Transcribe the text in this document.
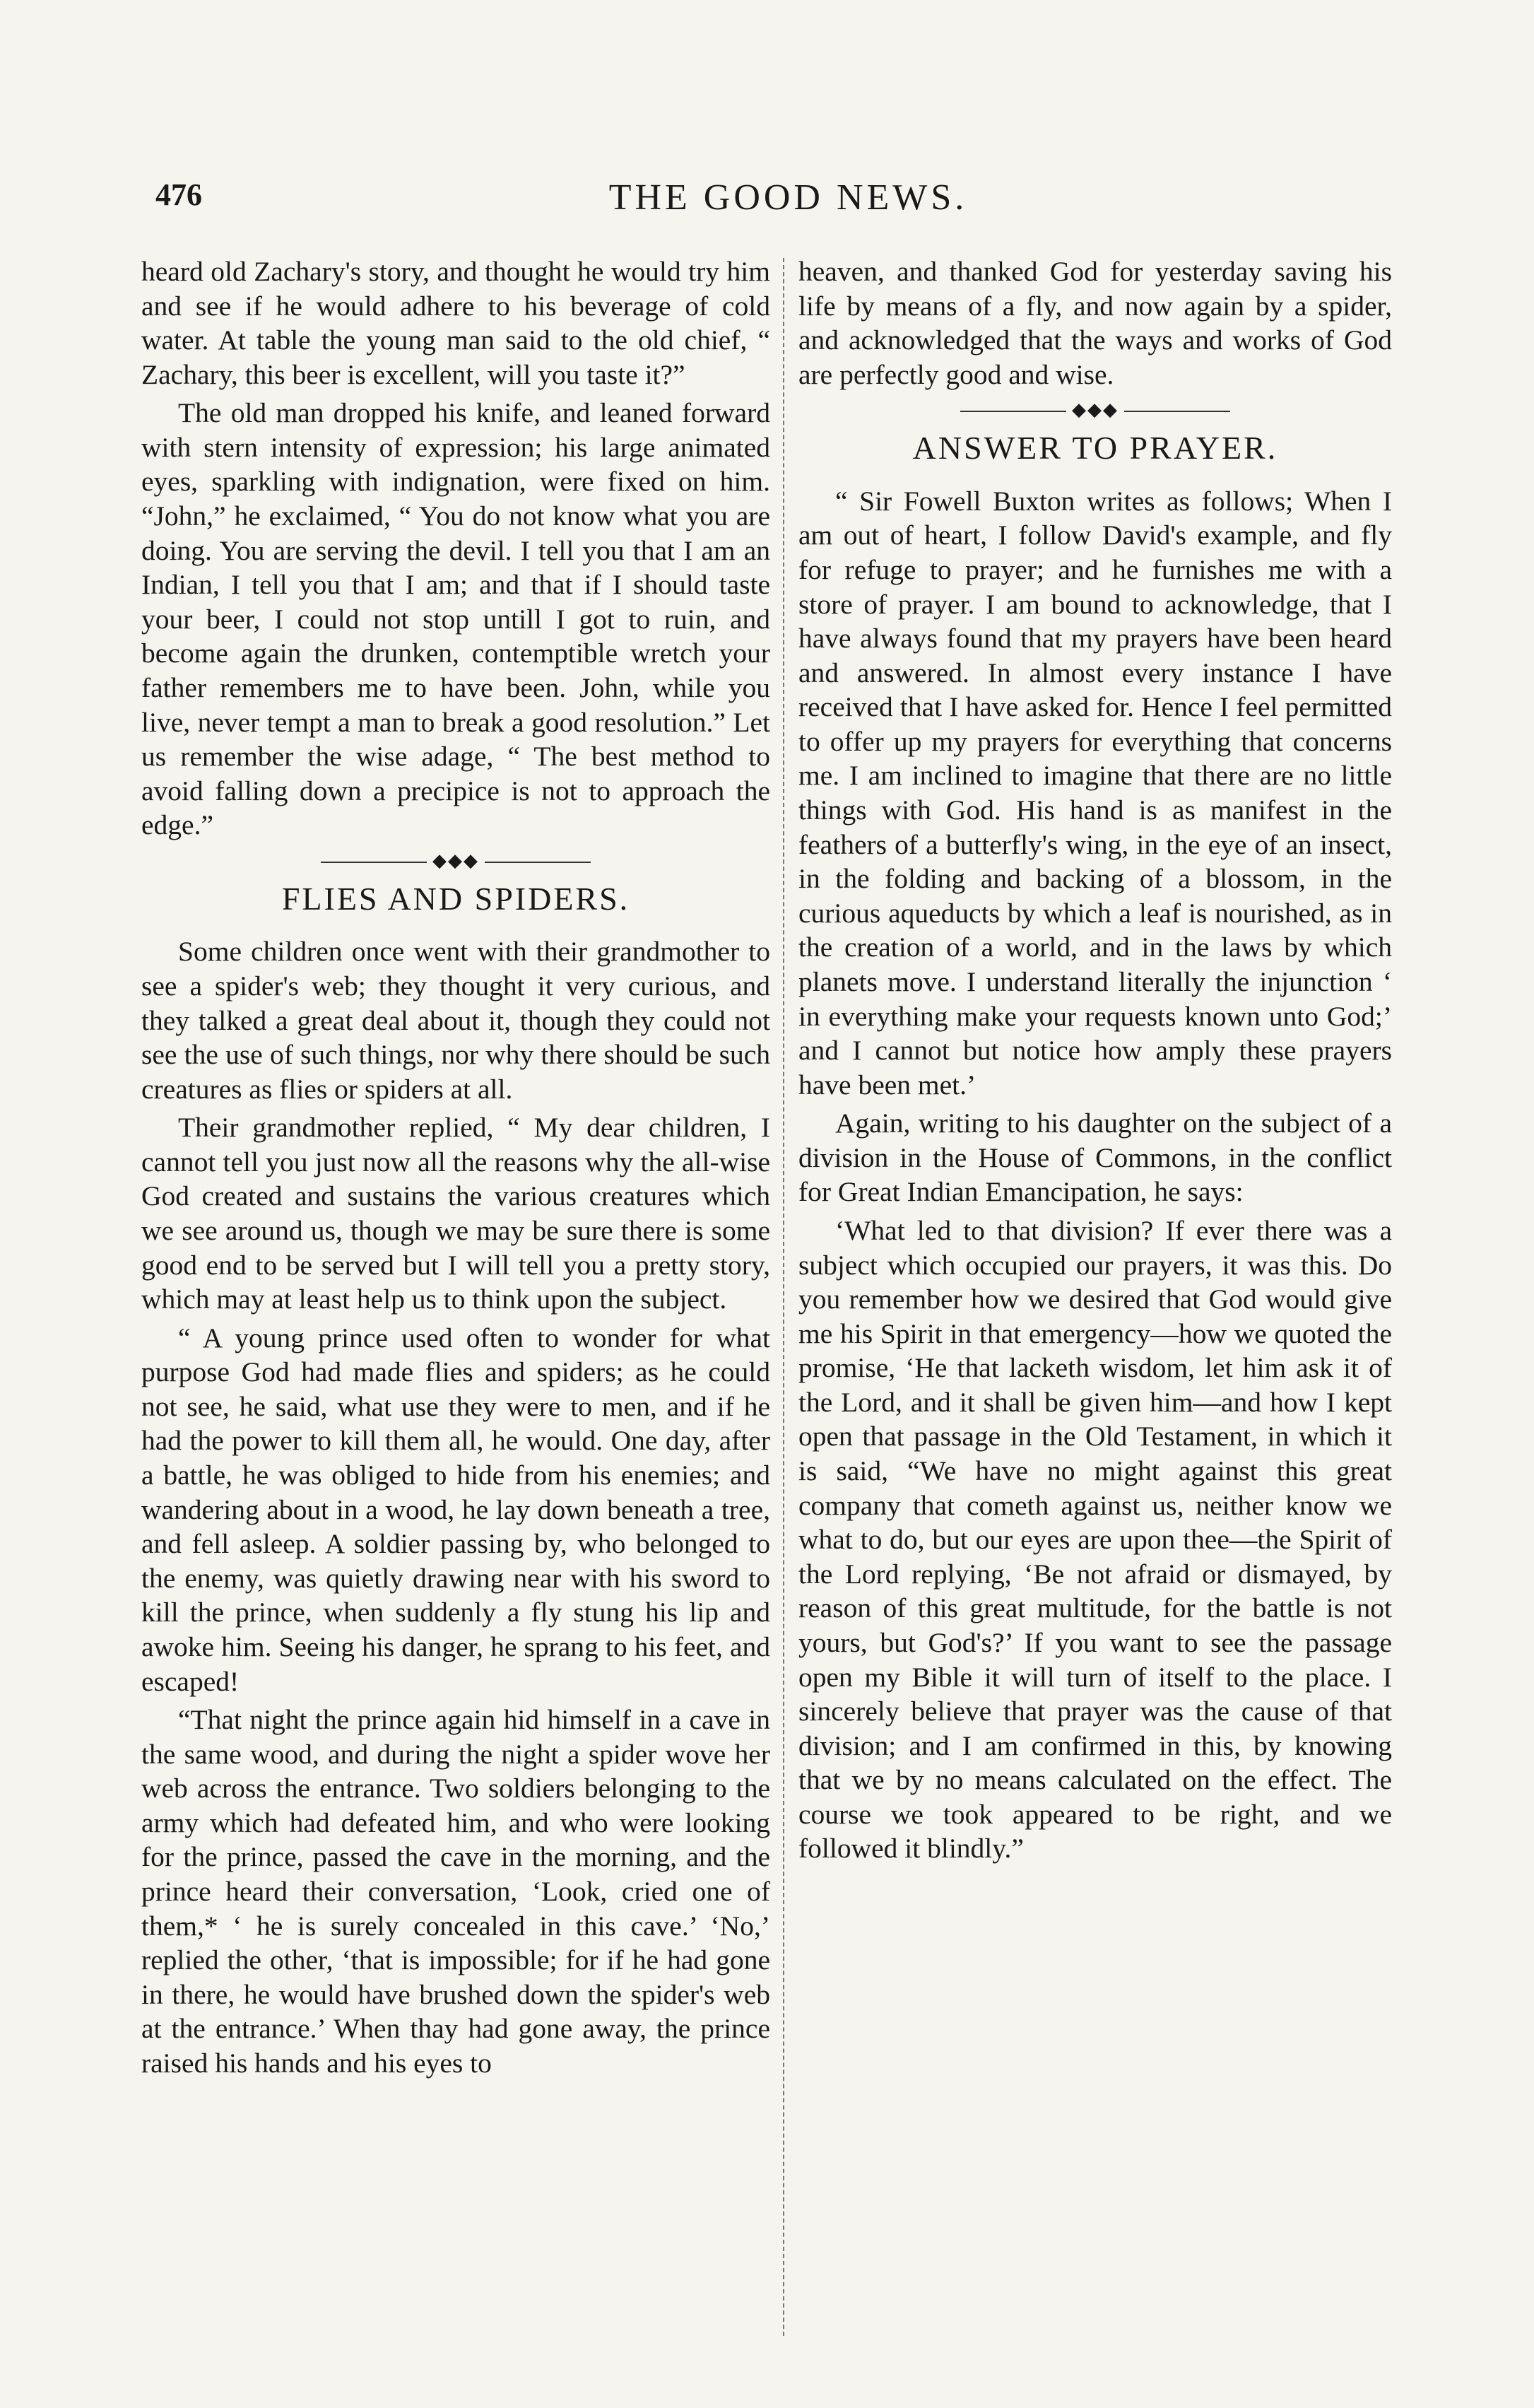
476	THE GOOD NEWS.

heard old Zachary's story, and thought he would try him and see if he would adhere to his beverage of cold water. At table the young man said to the old chief, “ Zachary, this beer is excellent, will you taste it?”

The old man dropped his knife, and leaned forward with stern intensity of expression; his large animated eyes, sparkling with indignation, were fixed on him. “John,” he exclaimed, “ You do not know what you are doing. You are serving the devil. I tell you that I am an Indian, I tell you that I am; and that if I should taste your beer, I could not stop untill I got to ruin, and become again the drunken, contemptible wretch your father remembers me to have been. John, while you live, never tempt a man to break a good resolution.” Let us remember the wise adage, “ The best method to avoid falling down a precipice is not to approach the edge.”

◆◆◆
FLIES AND SPIDERS.

Some children once went with their grandmother to see a spider's web; they thought it very curious, and they talked a great deal about it, though they could not see the use of such things, nor why there should be such creatures as flies or spiders at all.

Their grandmother replied, “ My dear children, I cannot tell you just now all the reasons why the all-wise God created and sustains the various creatures which we see around us, though we may be sure there is some good end to be served but I will tell you a pretty story, which may at least help us to think upon the subject.

“ A young prince used often to wonder for what purpose God had made flies and spiders; as he could not see, he said, what use they were to men, and if he had the power to kill them all, he would. One day, after a battle, he was obliged to hide from his enemies; and wandering about in a wood, he lay down beneath a tree, and fell asleep. A soldier passing by, who belonged to the enemy, was quietly drawing near with his sword to kill the prince, when suddenly a fly stung his lip and awoke him. Seeing his danger, he sprang to his feet, and escaped!

“That night the prince again hid himself in a cave in the same wood, and during the night a spider wove her web across the entrance. Two soldiers belonging to the army which had defeated him, and who were looking for the prince, passed the cave in the morning, and the prince heard their conversation, ‘Look, cried one of them,* ‘ he is surely concealed in this cave.’ ‘No,’ replied the other, ‘that is impossible; for if he had gone in there, he would have brushed down the spider's web at the entrance.’ When thay had gone away, the prince raised his hands and his eyes to

heaven, and thanked God for yesterday saving his life by means of a fly, and now again by a spider, and acknowledged that the ways and works of God are perfectly good and wise.

◆◆◆
ANSWER TO PRAYER.

“ Sir Fowell Buxton writes as follows; When I am out of heart, I follow David's example, and fly for refuge to prayer; and he furnishes me with a store of prayer. I am bound to acknowledge, that I have always found that my prayers have been heard and answered. In almost every instance I have received that I have asked for. Hence I feel permitted to offer up my prayers for everything that concerns me. I am inclined to imagine that there are no little things with God. His hand is as manifest in the feathers of a butterfly's wing, in the eye of an insect, in the folding and backing of a blossom, in the curious aqueducts by which a leaf is nourished, as in the creation of a world, and in the laws by which planets move. I understand literally the injunction ‘ in everything make your requests known unto God;’ and I cannot but notice how amply these prayers have been met.’

Again, writing to his daughter on the subject of a division in the House of Commons, in the conflict for Great Indian Emancipation, he says:

‘What led to that division? If ever there was a subject which occupied our prayers, it was this. Do you remember how we desired that God would give me his Spirit in that emergency—how we quoted the promise, ‘He that lacketh wisdom, let him ask it of the Lord, and it shall be given him—and how I kept open that passage in the Old Testament, in which it is said, “We have no might against this great company that cometh against us, neither know we what to do, but our eyes are upon thee—the Spirit of the Lord replying, ‘Be not afraid or dismayed, by reason of this great multitude, for the battle is not yours, but God's?’ If you want to see the passage open my Bible it will turn of itself to the place. I sincerely believe that prayer was the cause of that division; and I am confirmed in this, by knowing that we by no means calculated on the effect. The course we took appeared to be right, and we followed it blindly.”
